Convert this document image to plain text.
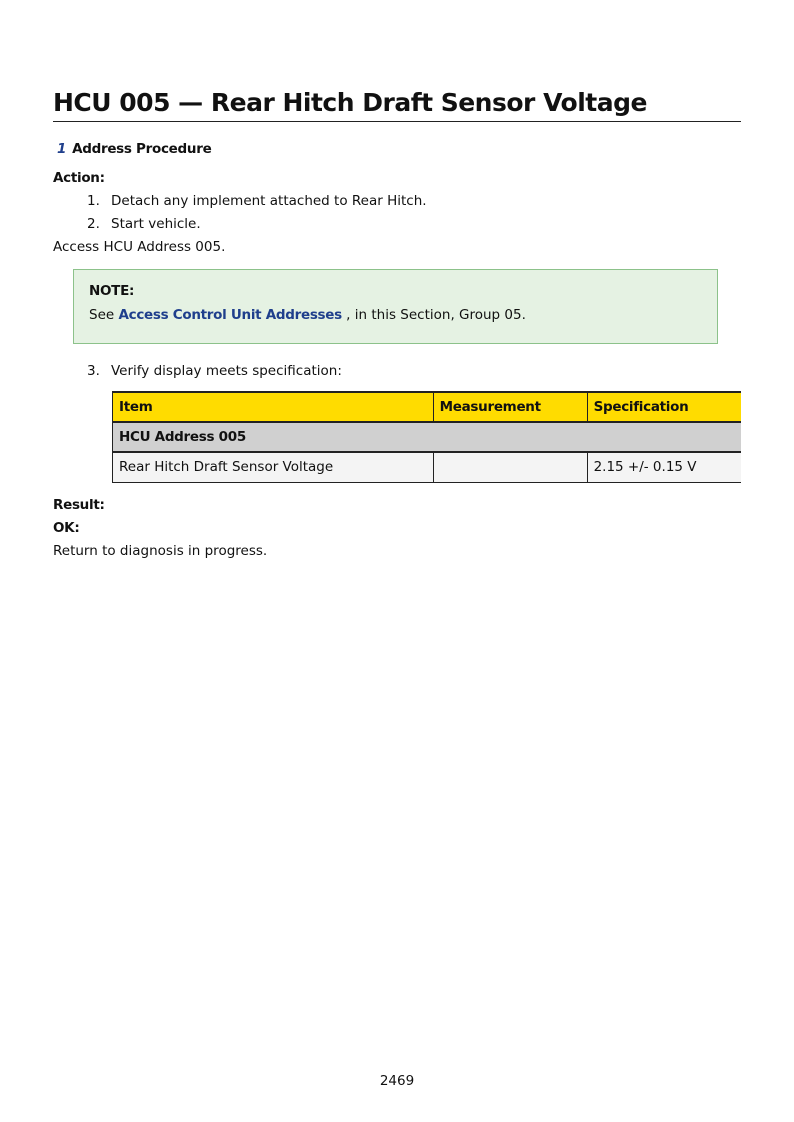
HCU 005 — Rear Hitch Draft Sensor Voltage
1 Address Procedure
Action:
1. Detach any implement attached to Rear Hitch.
2. Start vehicle.
Access HCU Address 005.
NOTE:
See Access Control Unit Addresses , in this Section, Group 05.
3. Verify display meets specification:
Item	Measurement	Specification
HCU Address 005		
Rear Hitch Draft Sensor Voltage		2.15 +/- 0.15 V
Result:
OK:
Return to diagnosis in progress.
2469
